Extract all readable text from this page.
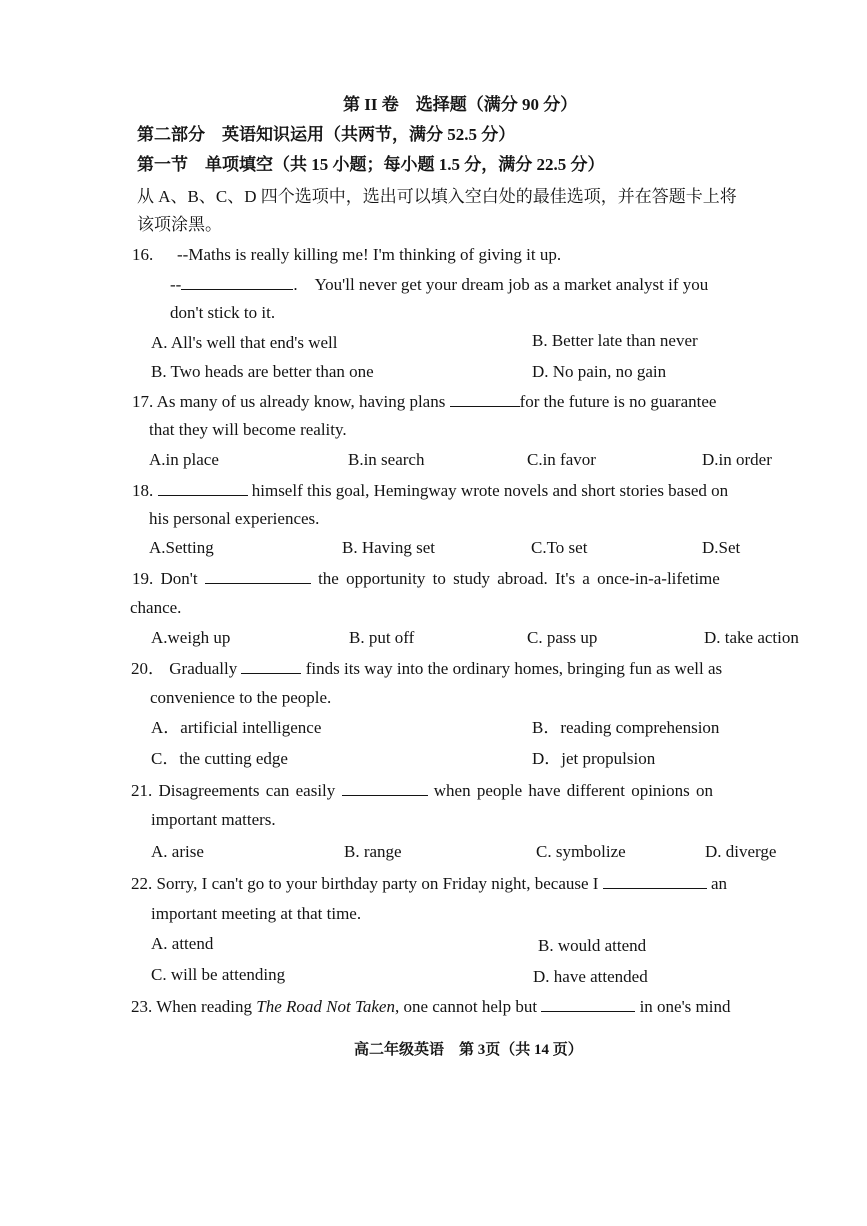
第 II 卷　选择题（满分 90 分）
第二部分　英语知识运用（共两节，满分 52.5 分）
第一节　单项填空（共 15 小题；每小题 1.5 分，满分 22.5 分）
从 A、B、C、D 四个选项中，选出可以填入空白处的最佳选项，并在答题卡上将
该项涂黑。
16. --Maths is really killing me! I'm thinking of giving it up.
--	.　You'll never get your dream job as a market analyst if you
don't stick to it.
A. All's well that end's well	B. Better late than never
B. Two heads are better than one	D. No pain, no gain
17. As many of us already know, having plans	for the future is no guarantee
that they will become reality.
A.in place	B.in search	C.in favor	D.in order
18.	himself this goal, Hemingway wrote novels and short stories based on
his personal experiences.
A.Setting	B. Having set	C.To set	D.Set
19. Don't	the opportunity to study abroad. It's a once-in-a-lifetime
chance.
A.weigh up	B. put off	C. pass up	D. take action
20． Gradually	finds its way into the ordinary homes, bringing fun as well as
convenience to the people.
A．artificial intelligence	B．reading comprehension
C．the cutting edge	D．jet propulsion
21. Disagreements can easily	when people have different opinions on
important matters.
A. arise	B. range	C. symbolize	D. diverge
22. Sorry, I can't go to your birthday party on Friday night, because I	an
important meeting at that time.
A. attend	B. would attend
C. will be attending	D. have attended
23. When reading The Road Not Taken, one cannot help but	in one's mind
高二年级英语　第 3页（共 14 页）
